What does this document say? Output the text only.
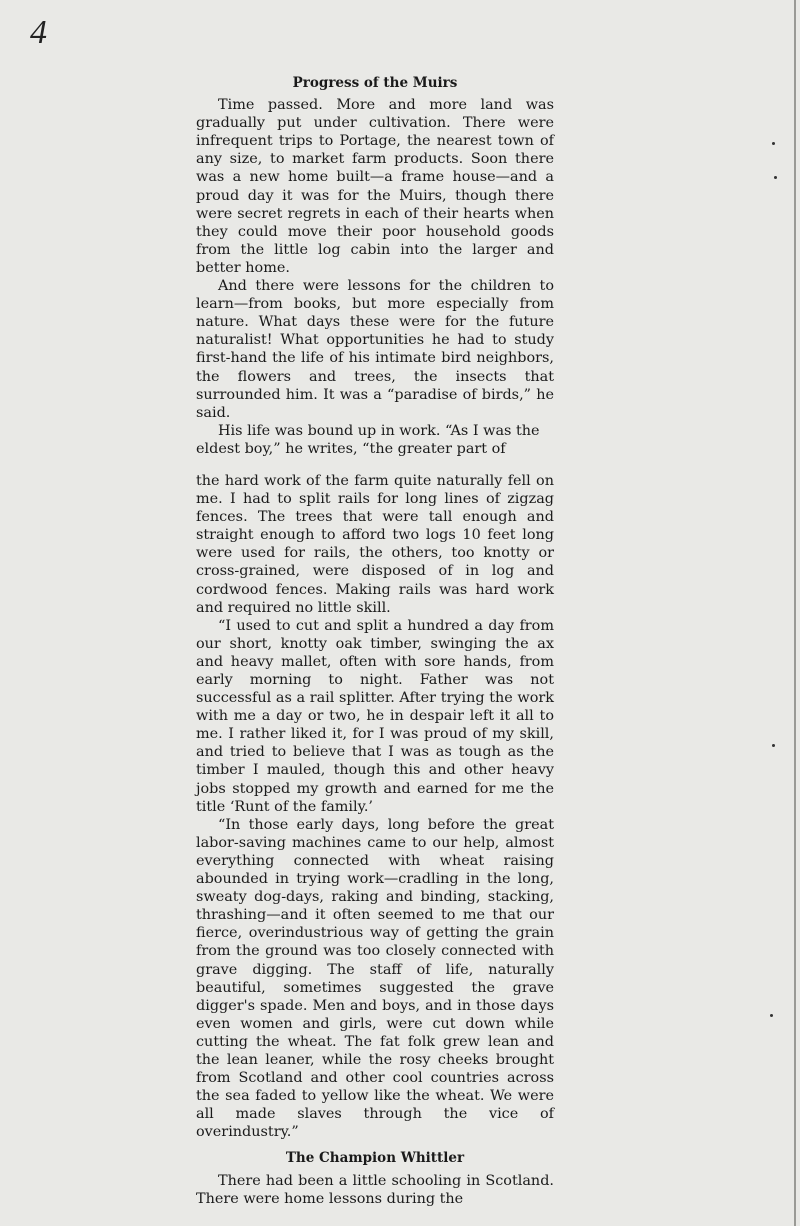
4
Progress of the Muirs

Time passed. More and more land was gradually put under cultivation. There were infrequent trips to Portage, the nearest town of any size, to market farm products. Soon there was a new home built—a frame house—and a proud day it was for the Muirs, though there were secret regrets in each of their hearts when they could move their poor household goods from the little log cabin into the larger and better home.

And there were lessons for the children to learn—from books, but more especially from nature. What days these were for the future naturalist! What opportunities he had to study first-hand the life of his intimate bird neighbors, the flowers and trees, the insects that surrounded him. It was a “paradise of birds,” he said.

His life was bound up in work. “As I was the eldest boy,” he writes, “the greater part of

the hard work of the farm quite naturally fell on me. I had to split rails for long lines of zigzag fences. The trees that were tall enough and straight enough to afford two logs 10 feet long were used for rails, the others, too knotty or cross-grained, were disposed of in log and cordwood fences. Making rails was hard work and required no little skill.

“I used to cut and split a hundred a day from our short, knotty oak timber, swinging the ax and heavy mallet, often with sore hands, from early morning to night. Father was not successful as a rail splitter. After trying the work with me a day or two, he in despair left it all to me. I rather liked it, for I was proud of my skill, and tried to believe that I was as tough as the timber I mauled, though this and other heavy jobs stopped my growth and earned for me the title ‘Runt of the family.’

“In those early days, long before the great labor-saving machines came to our help, almost everything connected with wheat raising abounded in trying work—cradling in the long, sweaty dog-days, raking and binding, stacking, thrashing—and it often seemed to me that our fierce, overindustrious way of getting the grain from the ground was too closely connected with grave digging. The staff of life, naturally beautiful, sometimes suggested the grave digger's spade. Men and boys, and in those days even women and girls, were cut down while cutting the wheat. The fat folk grew lean and the lean leaner, while the rosy cheeks brought from Scotland and other cool countries across the sea faded to yellow like the wheat. We were all made slaves through the vice of overindustry.”

The Champion Whittler

There had been a little schooling in Scotland. There were home lessons during the
